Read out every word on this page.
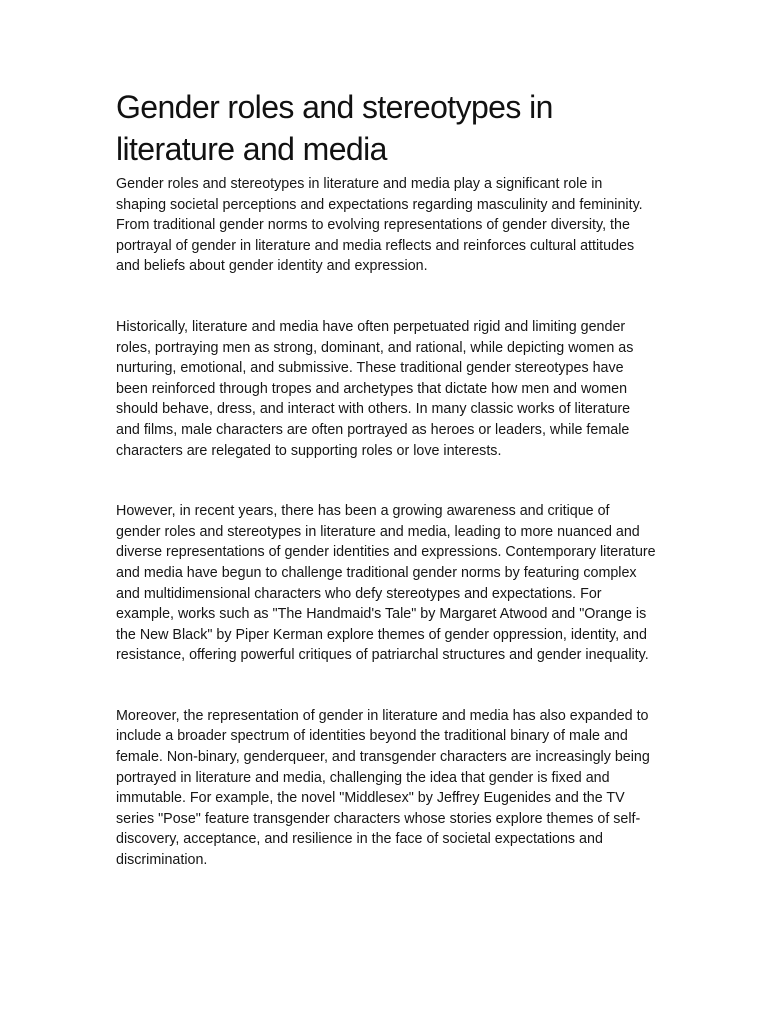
Gender roles and stereotypes in literature and media

Gender roles and stereotypes in literature and media play a significant role in shaping societal perceptions and expectations regarding masculinity and femininity. From traditional gender norms to evolving representations of gender diversity, the portrayal of gender in literature and media reflects and reinforces cultural attitudes and beliefs about gender identity and expression.

Historically, literature and media have often perpetuated rigid and limiting gender roles, portraying men as strong, dominant, and rational, while depicting women as nurturing, emotional, and submissive. These traditional gender stereotypes have been reinforced through tropes and archetypes that dictate how men and women should behave, dress, and interact with others. In many classic works of literature and films, male characters are often portrayed as heroes or leaders, while female characters are relegated to supporting roles or love interests.

However, in recent years, there has been a growing awareness and critique of gender roles and stereotypes in literature and media, leading to more nuanced and diverse representations of gender identities and expressions. Contemporary literature and media have begun to challenge traditional gender norms by featuring complex and multidimensional characters who defy stereotypes and expectations. For example, works such as "The Handmaid's Tale" by Margaret Atwood and "Orange is the New Black" by Piper Kerman explore themes of gender oppression, identity, and resistance, offering powerful critiques of patriarchal structures and gender inequality.

Moreover, the representation of gender in literature and media has also expanded to include a broader spectrum of identities beyond the traditional binary of male and female. Non-binary, genderqueer, and transgender characters are increasingly being portrayed in literature and media, challenging the idea that gender is fixed and immutable. For example, the novel "Middlesex" by Jeffrey Eugenides and the TV series "Pose" feature transgender characters whose stories explore themes of self-discovery, acceptance, and resilience in the face of societal expectations and discrimination.
